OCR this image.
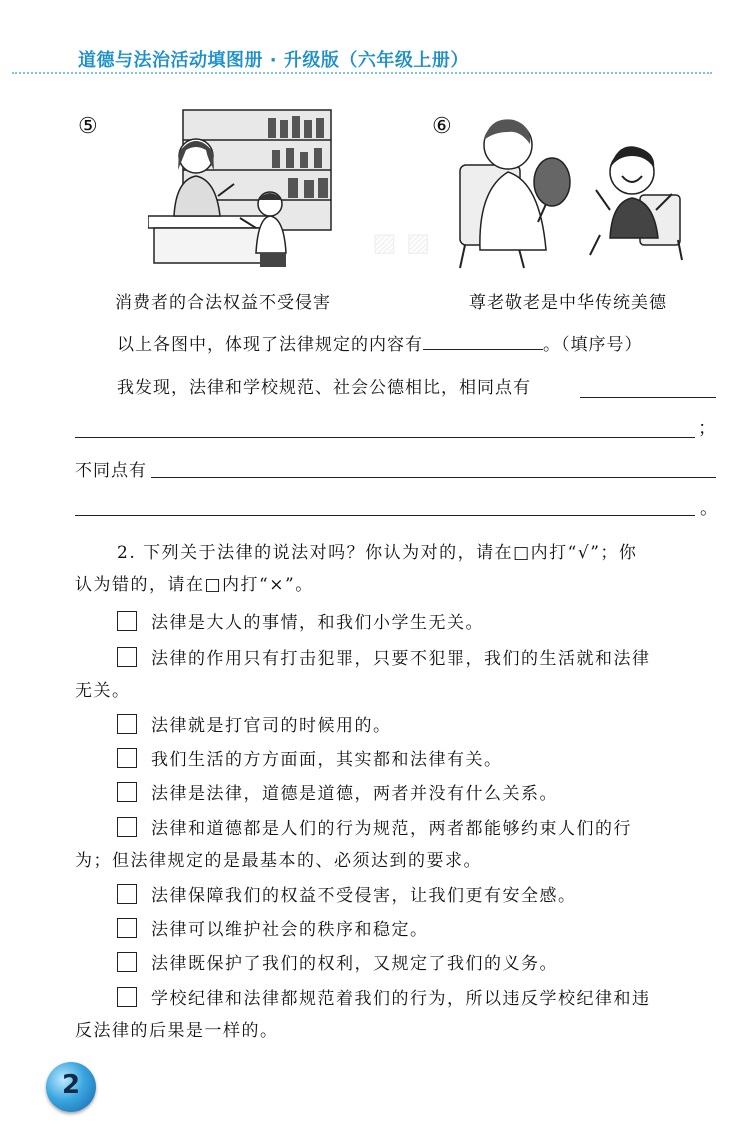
道德与法治活动填图册 · 升级版（六年级上册）
⑤
消费者的合法权益不受侵害
⑥
尊老敬老是中华传统美德
▨ ▨
以上各图中，体现了法律规定的内容有	。（填序号）
我发现，法律和学校规范、社会公德相比，相同点有
；
不同点有
。
2. 下列关于法律的说法对吗？你认为对的，请在□内打“√”；你
认为错的，请在□内打“×”。
法律是大人的事情，和我们小学生无关。
法律的作用只有打击犯罪，只要不犯罪，我们的生活就和法律
无关。
法律就是打官司的时候用的。
我们生活的方方面面，其实都和法律有关。
法律是法律，道德是道德，两者并没有什么关系。
法律和道德都是人们的行为规范，两者都能够约束人们的行
为；但法律规定的是最基本的、必须达到的要求。
法律保障我们的权益不受侵害，让我们更有安全感。
法律可以维护社会的秩序和稳定。
法律既保护了我们的权利，又规定了我们的义务。
学校纪律和法律都规范着我们的行为，所以违反学校纪律和违
反法律的后果是一样的。
2
